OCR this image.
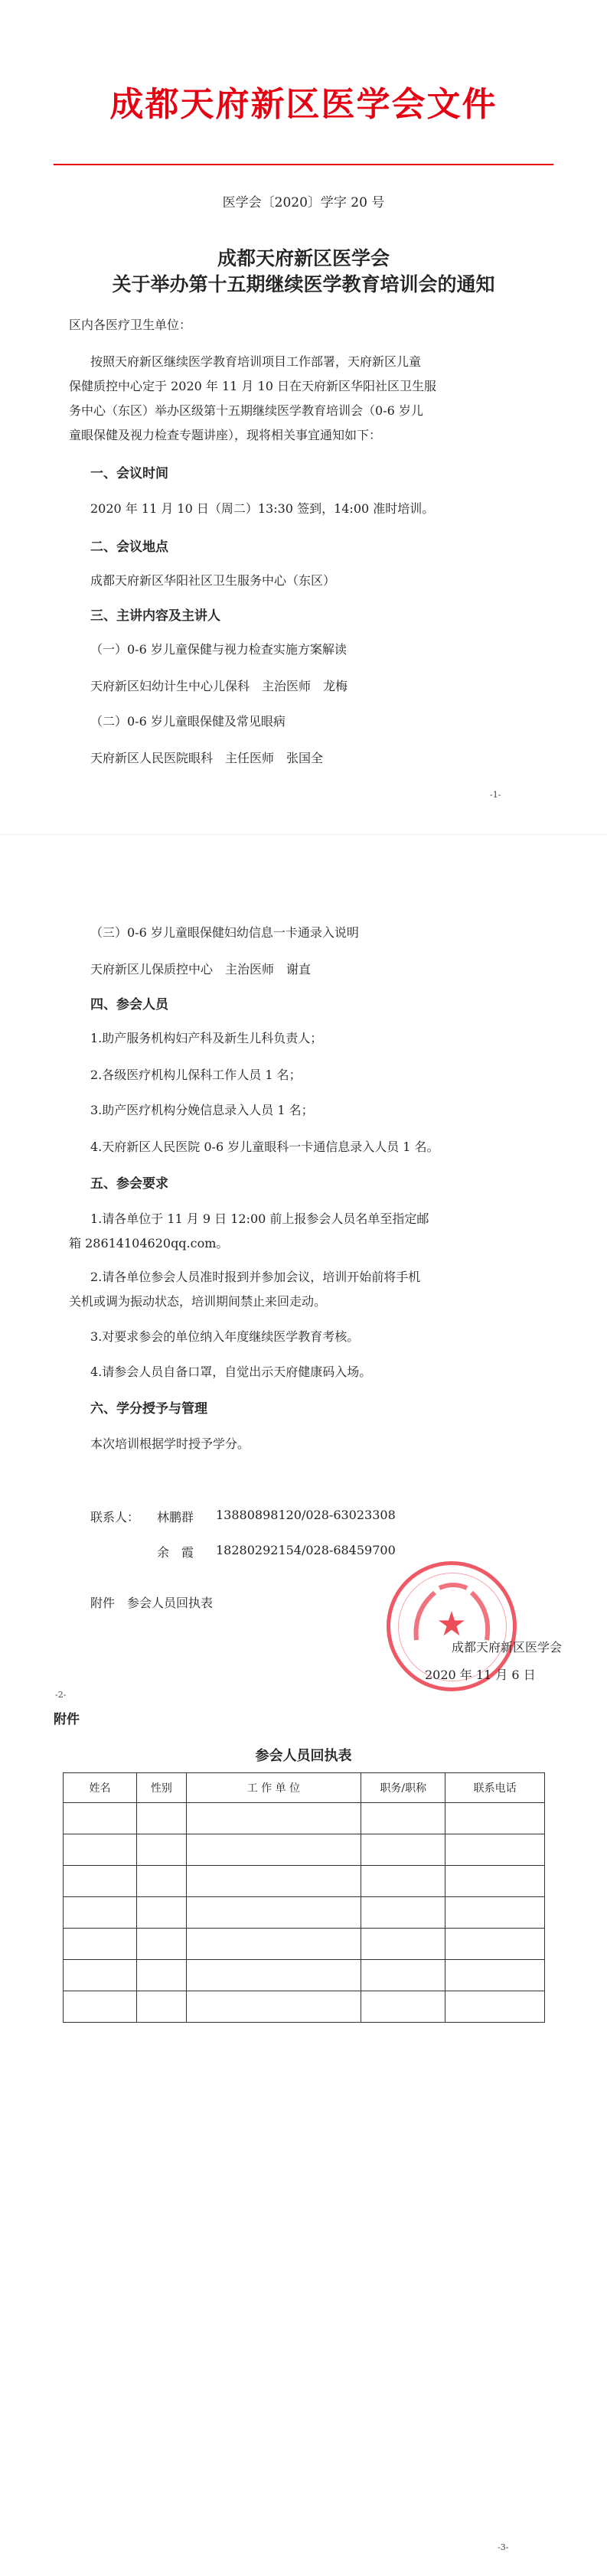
成都天府新区医学会文件
医学会〔2020〕学字 20 号
成都天府新区医学会
关于举办第十五期继续医学教育培训会的通知
区内各医疗卫生单位：
按照天府新区继续医学教育培训项目工作部署，天府新区儿童
保健质控中心定于 2020 年 11 月 10 日在天府新区华阳社区卫生服
务中心（东区）举办区级第十五期继续医学教育培训会（0-6 岁儿
童眼保健及视力检查专题讲座），现将相关事宜通知如下：
一、会议时间
2020 年 11 月 10 日（周二）13:30 签到，14:00 准时培训。
二、会议地点
成都天府新区华阳社区卫生服务中心（东区）
三、主讲内容及主讲人
（一）0-6 岁儿童保健与视力检查实施方案解读
天府新区妇幼计生中心儿保科　主治医师　龙梅
（二）0-6 岁儿童眼保健及常见眼病
天府新区人民医院眼科　主任医师　张国全
-1-
（三）0-6 岁儿童眼保健妇幼信息一卡通录入说明
天府新区儿保质控中心　主治医师　谢直
四、参会人员
1.助产服务机构妇产科及新生儿科负责人；
2.各级医疗机构儿保科工作人员 1 名；
3.助产医疗机构分娩信息录入人员 1 名；
4.天府新区人民医院 0-6 岁儿童眼科一卡通信息录入人员 1 名。
五、参会要求
1.请各单位于 11 月 9 日 12:00 前上报参会人员名单至指定邮
箱 28614104620qq.com。
2.请各单位参会人员准时报到并参加会议，培训开始前将手机
关机或调为振动状态，培训期间禁止来回走动。
3.对要求参会的单位纳入年度继续医学教育考核。
4.请参会人员自备口罩，自觉出示天府健康码入场。
六、学分授予与管理
本次培训根据学时授予学分。
联系人： 林鹏群 13880898120/028-63023308
余　霞 18280292154/028-68459700
附件　参会人员回执表
★
成都天府新区医学会
2020 年 11 月 6 日
-2-
附件
参会人员回执表
姓名	性别	工 作 单 位	职务/职称	联系电话

-3-
